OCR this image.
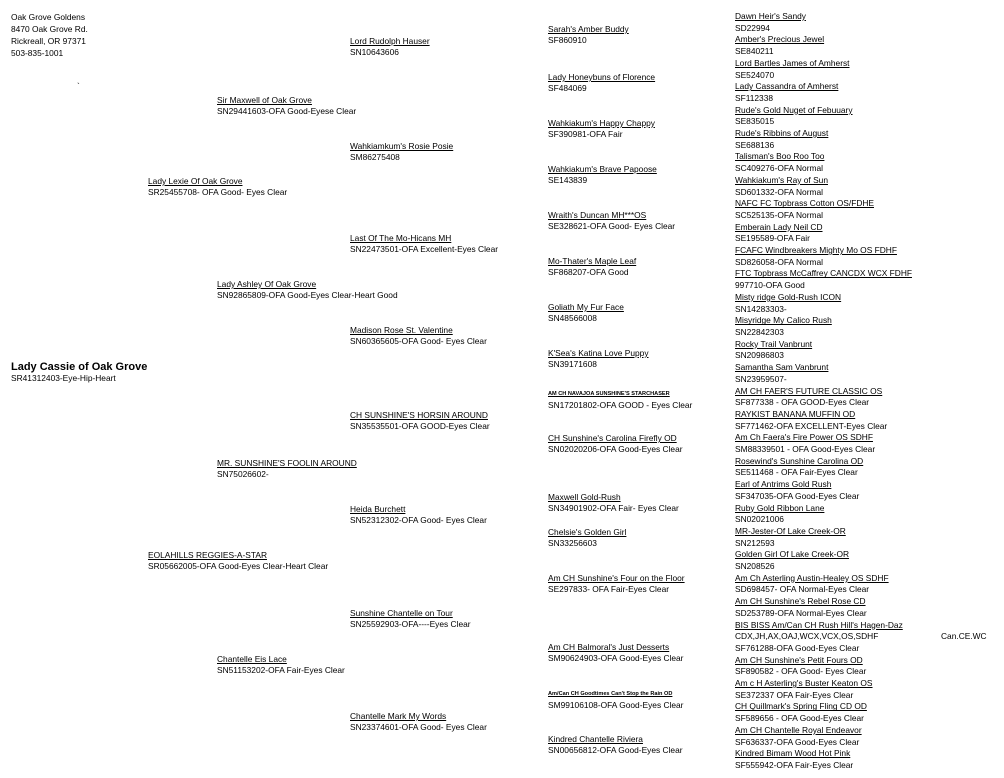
Oak Grove Goldens
8470 Oak Grove Rd.
Rickreall, OR 97371
503-835-1001
`
Lady Cassie of Oak Grove
SR41312403-Eye-Hip-Heart
Lady Lexie Of Oak Grove
SR25455708- OFA Good- Eyes Clear
EOLAHILLS REGGIES-A-STAR
SR05662005-OFA Good-Eyes Clear-Heart Clear
Sir Maxwell of Oak Grove
SN29441603-OFA Good-Eyese Clear
Lady Ashley Of Oak Grove
SN92865809-OFA Good-Eyes Clear-Heart Good
MR. SUNSHINE'S FOOLIN AROUND
SN75026602-
Chantelle Eis Lace
SN51153202-OFA Fair-Eyes Clear
Lord Rudolph Hauser
SN10643606
Wahkiamkum's Rosie Posie
SM86275408
Last Of The Mo-Hicans MH
SN22473501-OFA Excellent-Eyes Clear
Madison Rose St. Valentine
SN60365605-OFA Good- Eyes Clear
CH SUNSHINE'S HORSIN AROUND
SN35535501-OFA GOOD-Eyes Clear
Heida Burchett
SN52312302-OFA Good- Eyes Clear
Sunshine Chantelle on Tour
SN25592903-OFA----Eyes Clear
Chantelle Mark My Words
SN23374601-OFA Good- Eyes Clear
Sarah's Amber Buddy
SF860910
Lady Honeybuns of Florence
SF484069
Wahkiakum's Happy Chappy
SF390981-OFA Fair
Wahkiakum's Brave Papoose
SE143839
Wraith's Duncan MH***OS
SE328621-OFA Good- Eyes Clear
Mo-Thater's Maple Leaf
SF868207-OFA Good
Goliath My Fur Face
SN48566008
K'Sea's Katina Love Puppy
SN39171608
AM CH NAVAJOA SUNSHINE'S STARCHASER
SN17201802-OFA GOOD - Eyes Clear
CH Sunshine's Carolina Firefly OD
SN02020206-OFA Good-Eyes Clear
Maxwell Gold-Rush
SN34901902-OFA Fair- Eyes Clear
Chelsie's Golden Girl
SN33256603
Am CH Sunshine's Four on the Floor
SE297833- OFA Fair-Eyes Clear
Am CH Balmoral's Just Desserts
SM90624903-OFA Good-Eyes Clear
Am/Can CH Goodtimes Can't Stop the Rain OD
SM99106108-OFA Good-Eyes Clear
Kindred Chantelle Riviera
SN00656812-OFA Good-Eyes Clear
Dawn Heir's Sandy
SD22994
Amber's Precious Jewel
SE840211
Lord Bartles James of Amherst
SE524070
Lady Cassandra of Amherst
SF112338
Rude's Gold Nuget of Febuuary
SE835015
Rude's Ribbins of August
SE688136
Talisman's Boo Roo Too
SC409276-OFA Normal
Wahkiakum's Ray of Sun
SD601332-OFA Normal
NAFC FC Topbrass Cotton OS/FDHE
SC525135-OFA Normal
Emberain Lady Neil CD
SE195589-OFA Fair
FCAFC Windbreakers Mighty Mo OS FDHF
SD826058-OFA Normal
FTC Topbrass McCaffrey CANCDX WCX FDHF
997710-OFA Good
Misty ridge Gold-Rush ICON
SN14283303-
Misyridge My Calico Rush
SN22842303
Rocky Trail Vanbrunt
SN20986803
Samantha Sam Vanbrunt
SN23959507-
AM CH FAER'S FUTURE CLASSIC OS
SF877338 - OFA GOOD-Eyes Clear
RAYKIST BANANA MUFFIN OD
SF771462-OFA EXCELLENT-Eyes Clear
Am Ch Faera's Fire Power OS SDHF
SM88339501 - OFA Good-Eyes Clear
Rosewind's Sunshine Carolina OD
SE511468 - OFA Fair-Eyes Clear
Earl of Antrims Gold Rush
SF347035-OFA Good-Eyes Clear
Ruby Gold Ribbon Lane
SN02021006
MR-Jester-Of Lake Creek-OR
SN212593
Golden Girl Of Lake Creek-OR
SN208526
Am Ch Asterling Austin-Healey OS SDHF
SD698457- OFA Normal-Eyes Clear
Am CH Sunshine's Rebel Rose CD
SD253789-OFA Normal-Eyes Clear
BIS BISS Am/Can CH Rush Hill's Hagen-Daz
CDX,JH,AX,OAJ,WCX,VCX,OS,SDHF
SF761288-OFA Good-Eyes Clear
Am CH Sunshine's Petit Fours OD
SF890582 - OFA Good- Eyes Clear
Am c H Asterling's Buster Keaton OS
SE372337 OFA Fair-Eyes Clear
CH Quillmark's Spring Fling CD OD
SF589656 - OFA Good-Eyes Clear
Am CH Chantelle Royal Endeavor
SF636337-OFA Good-Eyes Clear
Kindred Bimam Wood Hot Pink
SF555942-OFA Fair-Eyes Clear
Can.CE.WC
